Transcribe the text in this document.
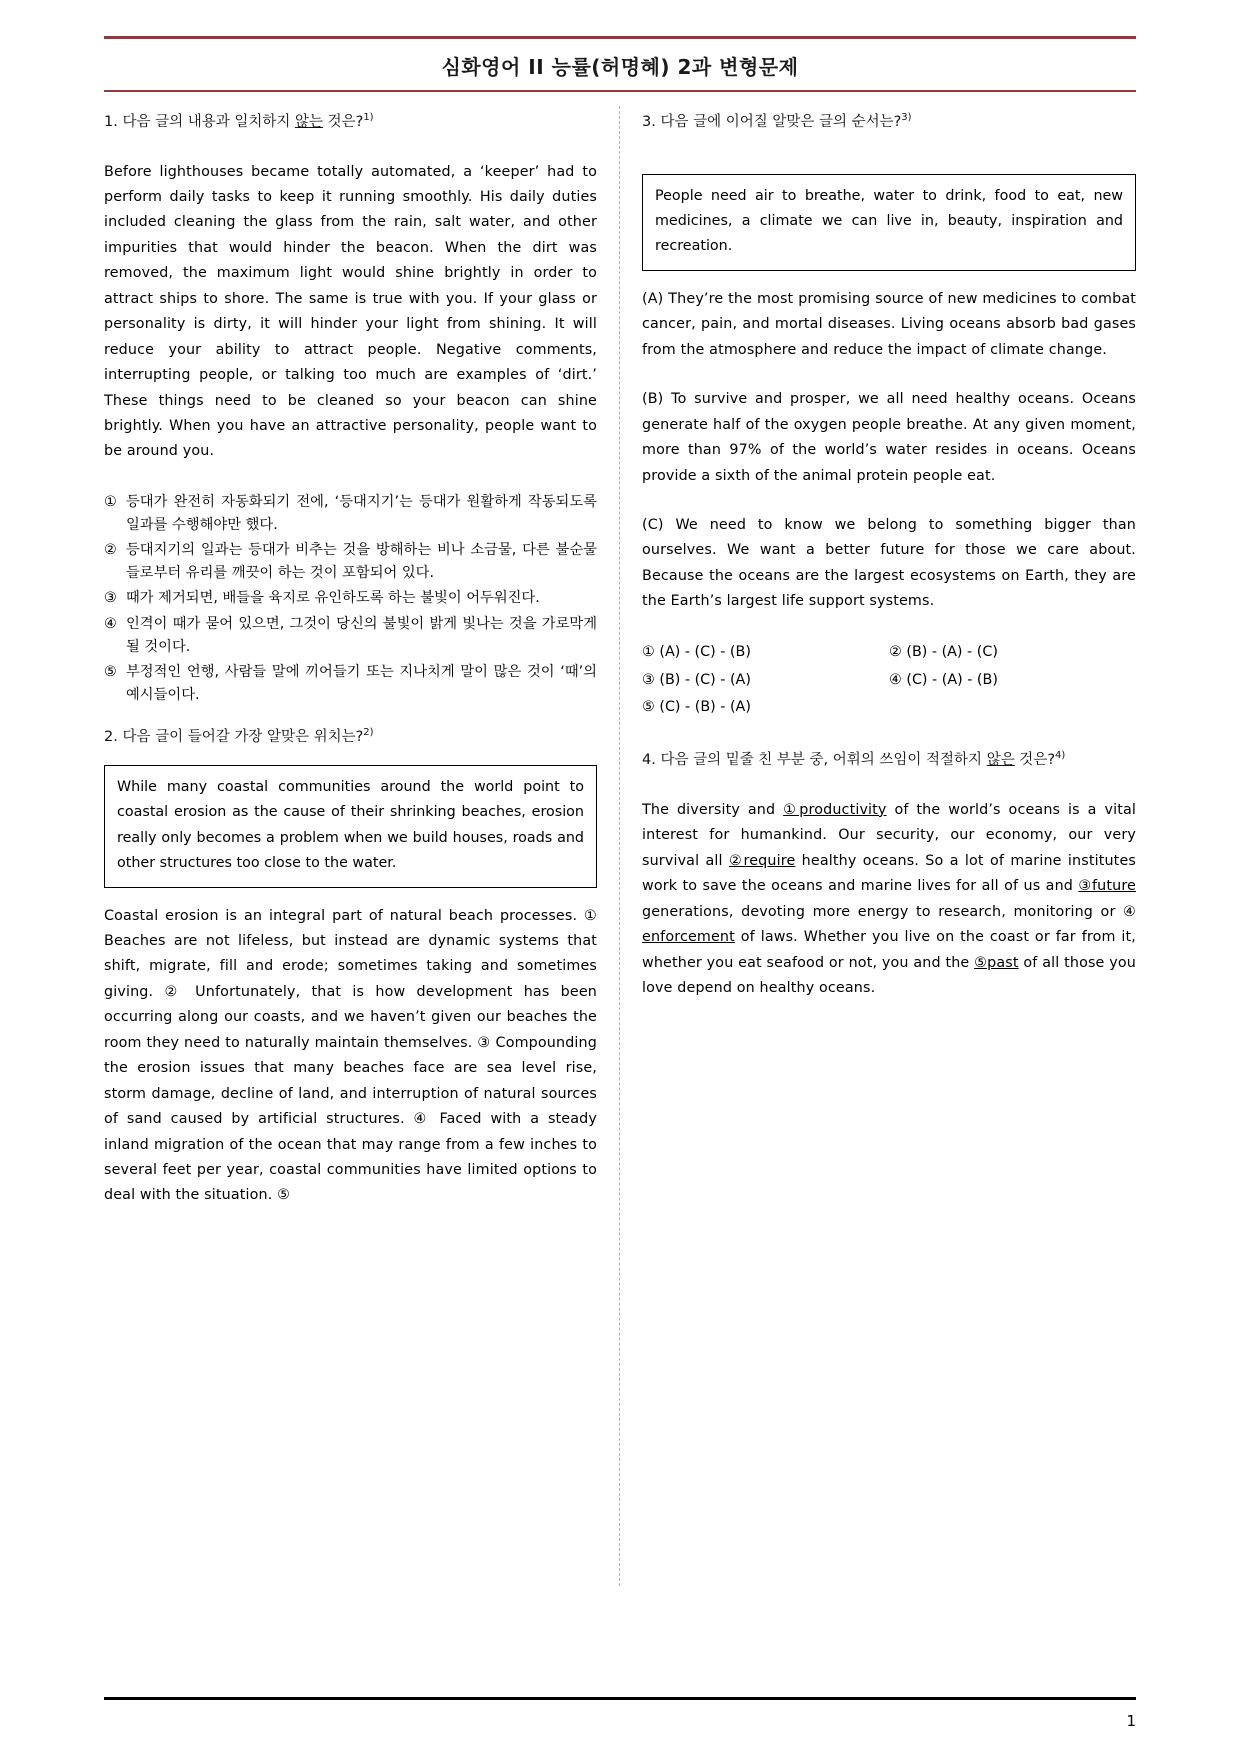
심화영어 II 능률(허명혜) 2과 변형문제
1. 다음 글의 내용과 일치하지 않는 것은?$^{1)}$
Before lighthouses became totally automated, a ‘keeper’ had to perform daily tasks to keep it running smoothly. His daily duties included cleaning the glass from the rain, salt water, and other impurities that would hinder the beacon. When the dirt was removed, the maximum light would shine brightly in order to attract ships to shore. The same is true with you. If your glass or personality is dirty, it will hinder your light from shining. It will reduce your ability to attract people. Negative comments, interrupting people, or talking too much are examples of ‘dirt.’ These things need to be cleaned so your beacon can shine brightly. When you have an attractive personality, people want to be around you.
① 등대가 완전히 자동화되기 전에, ‘등대지기’는 등대가 원활하게 작동되도록 일과를 수행해야만 했다.
② 등대지기의 일과는 등대가 비추는 것을 방해하는 비나 소금물, 다른 불순물들로부터 유리를 깨끗이 하는 것이 포함되어 있다.
③ 때가 제거되면, 배들을 육지로 유인하도록 하는 불빛이 어두워진다.
④ 인격이 때가 묻어 있으면, 그것이 당신의 불빛이 밝게 빛나는 것을 가로막게 될 것이다.
⑤ 부정적인 언행, 사람들 말에 끼어들기 또는 지나치게 말이 많은 것이 ‘때’의 예시들이다.
2. 다음 글이 들어갈 가장 알맞은 위치는?$^{2)}$
While many coastal communities around the world point to coastal erosion as the cause of their shrinking beaches, erosion really only becomes a problem when we build houses, roads and other structures too close to the water.
Coastal erosion is an integral part of natural beach processes. ① Beaches are not lifeless, but instead are dynamic systems that shift, migrate, fill and erode; sometimes taking and sometimes giving. ② Unfortunately, that is how development has been occurring along our coasts, and we haven’t given our beaches the room they need to naturally maintain themselves. ③ Compounding the erosion issues that many beaches face are sea level rise, storm damage, decline of land, and interruption of natural sources of sand caused by artificial structures. ④ Faced with a steady inland migration of the ocean that may range from a few inches to several feet per year, coastal communities have limited options to deal with the situation. ⑤
3. 다음 글에 이어질 알맞은 글의 순서는?$^{3)}$
People need air to breathe, water to drink, food to eat, new medicines, a climate we can live in, beauty, inspiration and recreation.
(A) They’re the most promising source of new medicines to combat cancer, pain, and mortal diseases. Living oceans absorb bad gases from the atmosphere and reduce the impact of climate change.
(B) To survive and prosper, we all need healthy oceans. Oceans generate half of the oxygen people breathe. At any given moment, more than 97% of the world’s water resides in oceans. Oceans provide a sixth of the animal protein people eat.
(C) We need to know we belong to something bigger than ourselves. We want a better future for those we care about. Because the oceans are the largest ecosystems on Earth, they are the Earth’s largest life support systems.
① (A) - (C) - (B)	② (B) - (A) - (C)
③ (B) - (C) - (A)	④ (C) - (A) - (B)
⑤ (C) - (B) - (A)
4. 다음 글의 밑줄 친 부분 중, 어휘의 쓰임이 적절하지 않은 것은?$^{4)}$
The diversity and ①productivity of the world’s oceans is a vital interest for humankind. Our security, our economy, our very survival all ②require healthy oceans. So a lot of marine institutes work to save the oceans and marine lives for all of us and ③future generations, devoting more energy to research, monitoring or ④ enforcement of laws. Whether you live on the coast or far from it, whether you eat seafood or not, you and the ⑤past of all those you love depend on healthy oceans.
1
